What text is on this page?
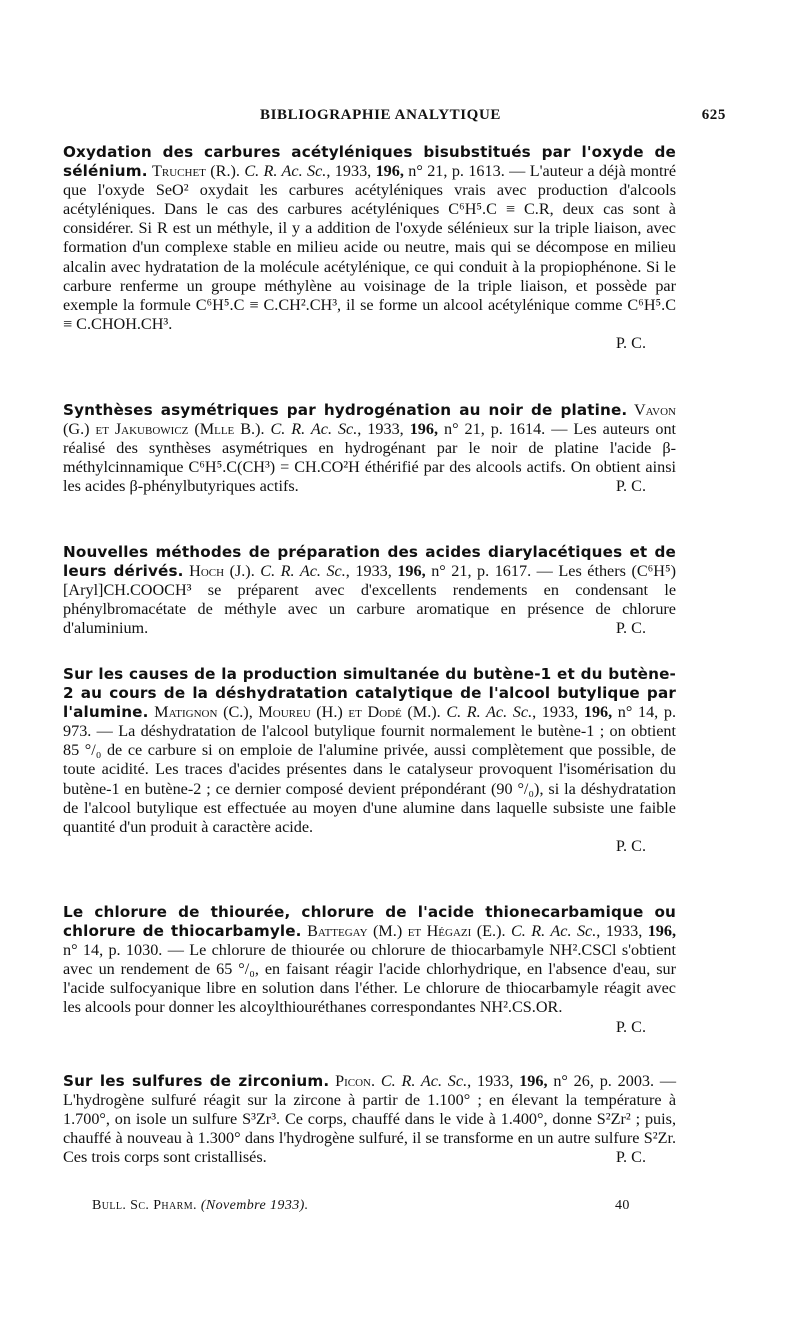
BIBLIOGRAPHIE ANALYTIQUE	625

Oxydation des carbures acétyléniques bisubstitués par l'oxyde de sélénium. Truchet (R.). C. R. Ac. Sc., 1933, 196, n° 21, p. 1613. — L'auteur a déjà montré que l'oxyde SeO² oxydait les carbures acétyléniques vrais avec production d'alcools acétyléniques. Dans le cas des carbures acétyléniques C⁶H⁵.C ≡ C.R, deux cas sont à considérer. Si R est un méthyle, il y a addition de l'oxyde sélénieux sur la triple liaison, avec formation d'un complexe stable en milieu acide ou neutre, mais qui se décompose en milieu alcalin avec hydratation de la molécule acétylénique, ce qui conduit à la propiophénone. Si le carbure renferme un groupe méthylène au voisinage de la triple liaison, et possède par exemple la formule C⁶H⁵.C ≡ C.CH².CH³, il se forme un alcool acétylénique comme C⁶H⁵.C ≡ C.CHOH.CH³.

P. C.

Synthèses asymétriques par hydrogénation au noir de platine. Vavon (G.) et Jakubowicz (Mlle B.). C. R. Ac. Sc., 1933, 196, n° 21, p. 1614. — Les auteurs ont réalisé des synthèses asymétriques en hydrogénant par le noir de platine l'acide β-méthylcinnamique C⁶H⁵.C(CH³) = CH.CO²H éthérifié par des alcools actifs. On obtient ainsi les acides β-phénylbutyriques actifs.	P. C.

Nouvelles méthodes de préparation des acides diarylacétiques et de leurs dérivés. Hoch (J.). C. R. Ac. Sc., 1933, 196, n° 21, p. 1617. — Les éthers (C⁶H⁵) [Aryl]CH.COOCH³ se préparent avec d'excellents rendements en condensant le phénylbromacétate de méthyle avec un carbure aromatique en présence de chlorure d'aluminium.	P. C.

Sur les causes de la production simultanée du butène-1 et du butène-2 au cours de la déshydratation catalytique de l'alcool butylique par l'alumine. Matignon (C.), Moureu (H.) et Dodé (M.). C. R. Ac. Sc., 1933, 196, n° 14, p. 973. — La déshydratation de l'alcool butylique fournit normalement le butène-1 ; on obtient 85 °/₀ de ce carbure si on emploie de l'alumine privée, aussi complètement que possible, de toute acidité. Les traces d'acides présentes dans le catalyseur provoquent l'isomérisation du butène-1 en butène-2 ; ce dernier composé devient prépondérant (90 °/₀), si la déshydratation de l'alcool butylique est effectuée au moyen d'une alumine dans laquelle subsiste une faible quantité d'un produit à caractère acide.

P. C.

Le chlorure de thiourée, chlorure de l'acide thionecarbamique ou chlorure de thiocarbamyle. Battegay (M.) et Hégazi (E.). C. R. Ac. Sc., 1933, 196, n° 14, p. 1030. — Le chlorure de thiourée ou chlorure de thiocarbamyle NH².CSCl s'obtient avec un rendement de 65 °/₀, en faisant réagir l'acide chlorhydrique, en l'absence d'eau, sur l'acide sulfocyanique libre en solution dans l'éther. Le chlorure de thiocarbamyle réagit avec les alcools pour donner les alcoylthiouréthanes correspondantes NH².CS.OR.

P. C.

Sur les sulfures de zirconium. Picon. C. R. Ac. Sc., 1933, 196, n° 26, p. 2003. — L'hydrogène sulfuré réagit sur la zircone à partir de 1.100° ; en élevant la température à 1.700°, on isole un sulfure S³Zr³. Ce corps, chauffé dans le vide à 1.400°, donne S²Zr² ; puis, chauffé à nouveau à 1.300° dans l'hydrogène sulfuré, il se transforme en un autre sulfure S²Zr. Ces trois corps sont cristallisés.	P. C.

Bull. Sc. Pharm. (Novembre 1933).	40
